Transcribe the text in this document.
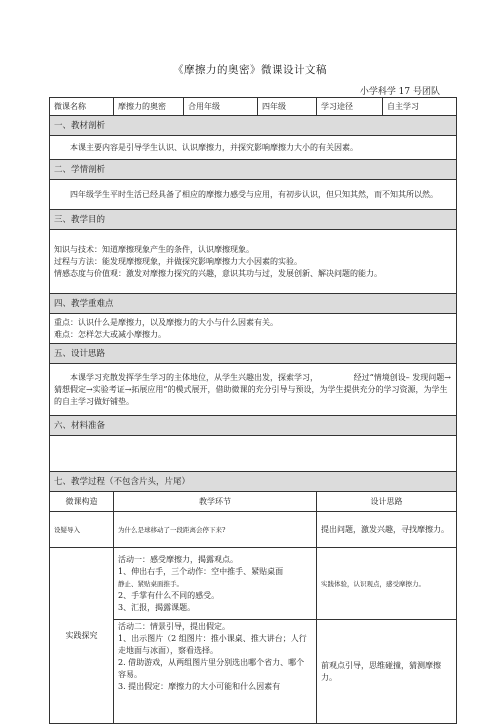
《摩擦力的奥密》微课设计文稿
小学科学 17 号团队
微课名称	摩擦力的奥密	合用年级	四年级	学习途径	自主学习
一、教材剖析					
本课主要内容是引导学生认识、认识摩擦力，并探究影响摩擦力大小的有关因素。					
二、学情剖析					
四年级学生平时生活已经具备了相应的摩擦力感受与应用，有初步认识，但只知其然，而不知其所以然。					
三、教学目的					

知识与技术：知道摩擦现象产生的条件，认识摩擦现象。

过程与方法：能发现摩擦现象，并做探究影响摩擦力大小因素的实验。

情感态度与价值观：激发对摩擦力探究的兴趣，意识其功与过，发展创新、解决问题的能力。					

四、教学重难点					

重点：认识什么是摩擦力，以及摩擦力的大小与什么因素有关。

难点：怎样怎大或减小摩擦力。					

五、设计思路					
本课学习充散发挥学生学习的主体地位，从学生兴趣出发，探索学习，              经过“情境创设– 发现问题→猜想假定→实验考证→拓展应用”的模式展开，借助微课的充分引导与预设，为学生提供充分的学习资源，为学生的自主学习做好铺垫。					
六、材料准备					

七、教学过程（不包含片头，片尾）					
微课构造	教学环节			设计思路	
设疑导入	为什么是球移动了一段距离会停下来?			提出问题，激发兴趣，寻找摩擦力。	
实践探究	活动一：感受摩擦力，揭露观点。

1、伸出右手，三个动作：空中推手、紧贴桌面

静止、紧贴桌面推手。

2、手掌有什么不同的感受。

3、汇报，揭露课题。			实践体验，认识观点，感受摩擦力。	

	活动二：情景引导，提出假定。

1、出示图片（2 组图片：推小课桌、推大讲台；人行走地面与冰面），察看选择。

2. 借助游戏，从两组图片里分别选出哪个省力、哪个容易。

3. 提出假定：摩擦力的大小可能和什么因素有			前观点引导，思维碰撞，猜测摩擦力。	
